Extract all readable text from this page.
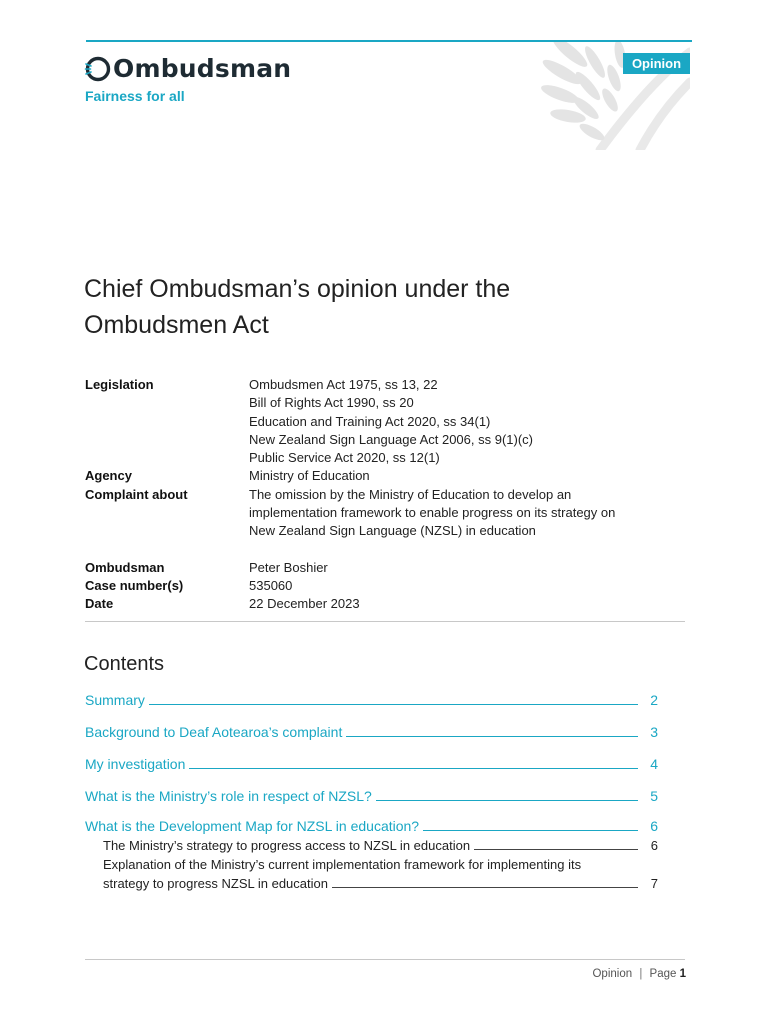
Ombudsman
Fairness for all
Opinion
Chief Ombudsman’s opinion under the Ombudsmen Act
Legislation	Ombudsmen Act 1975, ss 13, 22
Bill of Rights Act 1990, ss 20
Education and Training Act 2020, ss 34(1)
New Zealand Sign Language Act 2006, ss 9(1)(c)
Public Service Act 2020, ss 12(1)
Agency	Ministry of Education
Complaint about	The omission by the Ministry of Education to develop an
implementation framework to enable progress on its strategy on
New Zealand Sign Language (NZSL) in education
Ombudsman	Peter Boshier
Case number(s)	535060
Date	22 December 2023
Contents
Summary	2
Background to Deaf Aotearoa’s complaint	3
My investigation	4
What is the Ministry’s role in respect of NZSL?	5
What is the Development Map for NZSL in education?	6
The Ministry’s strategy to progress access to NZSL in education	6
Explanation of the Ministry’s current implementation framework for implementing its
strategy to progress NZSL in education	7
Opinion | Page 1
